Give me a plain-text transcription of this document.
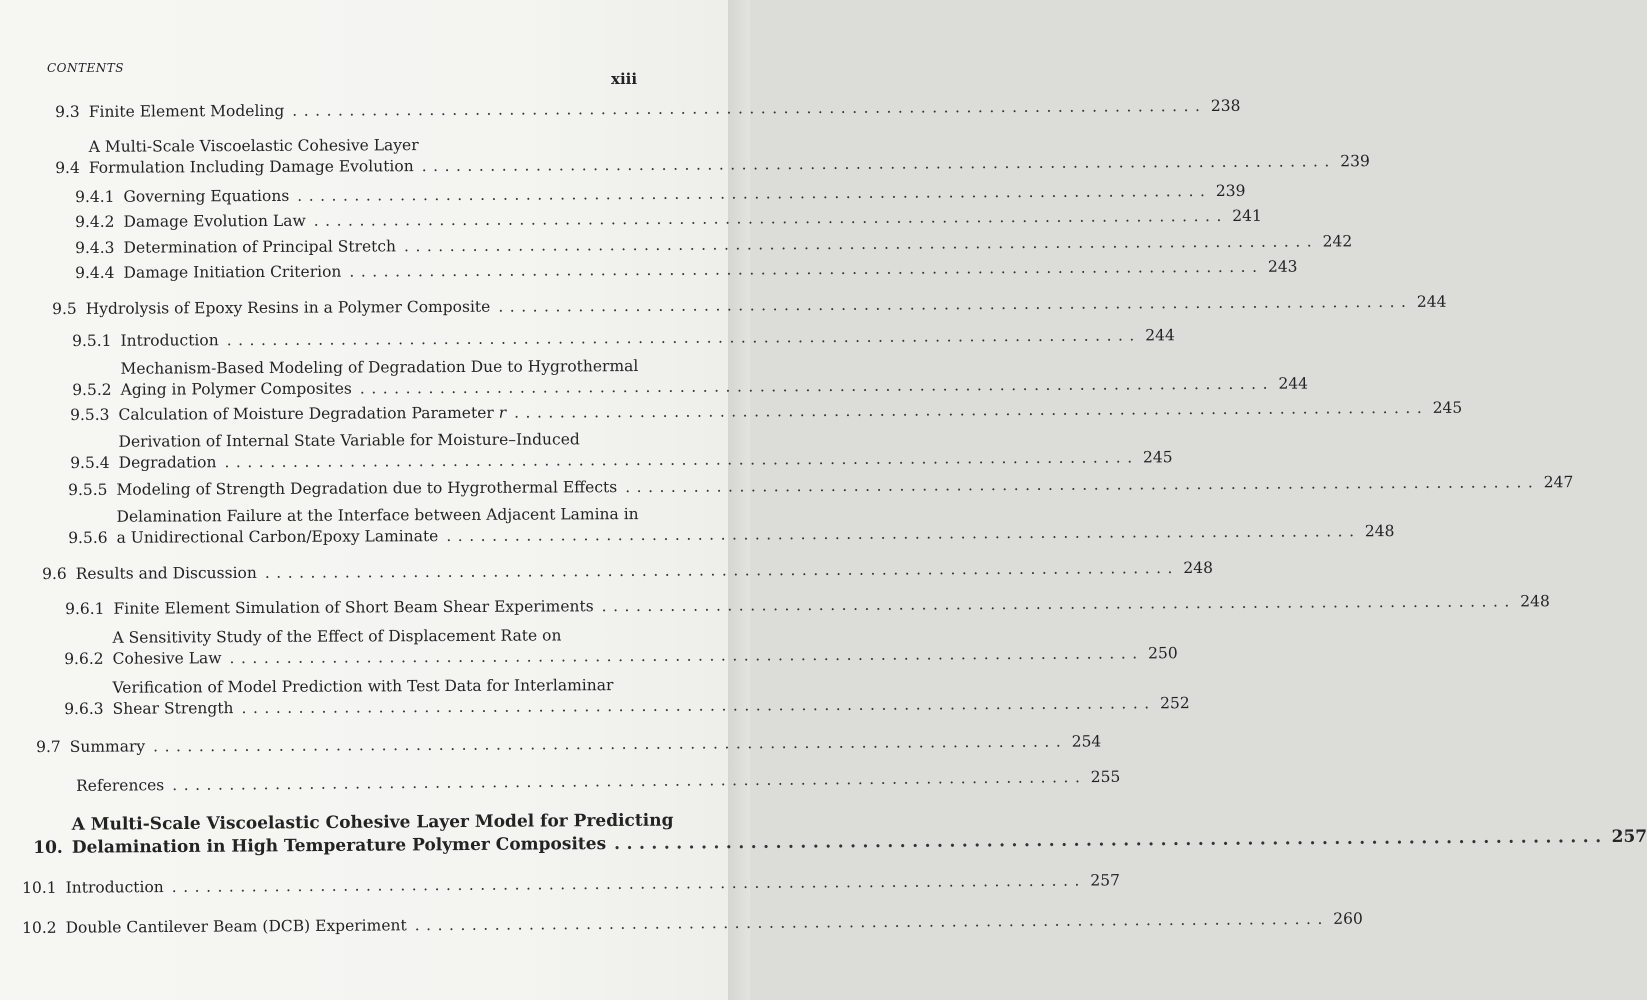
CONTENTS
xiii
9.3 Finite Element Modeling ................................................................................ 238
9.4
A Multi-Scale Viscoelastic Cohesive Layer
Formulation Including Damage Evolution ................................................................................ 239
9.4.1 Governing Equations ................................................................................ 239
9.4.2 Damage Evolution Law ................................................................................ 241
9.4.3 Determination of Principal Stretch ................................................................................ 242
9.4.4 Damage Initiation Criterion ................................................................................ 243
9.5 Hydrolysis of Epoxy Resins in a Polymer Composite ................................................................................ 244
9.5.1 Introduction ................................................................................ 244
9.5.2
Mechanism-Based Modeling of Degradation Due to Hygrothermal
Aging in Polymer Composites ................................................................................ 244
9.5.3 Calculation of Moisture Degradation Parameter r ................................................................................ 245
9.5.4
Derivation of Internal State Variable for Moisture–Induced
Degradation ................................................................................ 245
9.5.5 Modeling of Strength Degradation due to Hygrothermal Effects ................................................................................ 247
9.5.6
Delamination Failure at the Interface between Adjacent Lamina in
a Unidirectional Carbon/Epoxy Laminate ................................................................................ 248
9.6 Results and Discussion ................................................................................ 248
9.6.1 Finite Element Simulation of Short Beam Shear Experiments ................................................................................ 248
9.6.2
A Sensitivity Study of the Effect of Displacement Rate on
Cohesive Law ................................................................................ 250
9.6.3
Verification of Model Prediction with Test Data for Interlaminar
Shear Strength ................................................................................ 252
9.7 Summary ................................................................................ 254
References ................................................................................ 255
10.
A Multi-Scale Viscoelastic Cohesive Layer Model for Predicting
Delamination in High Temperature Polymer Composites ................................................................................ 257
10.1 Introduction ................................................................................ 257
10.2 Double Cantilever Beam (DCB) Experiment ................................................................................ 260
